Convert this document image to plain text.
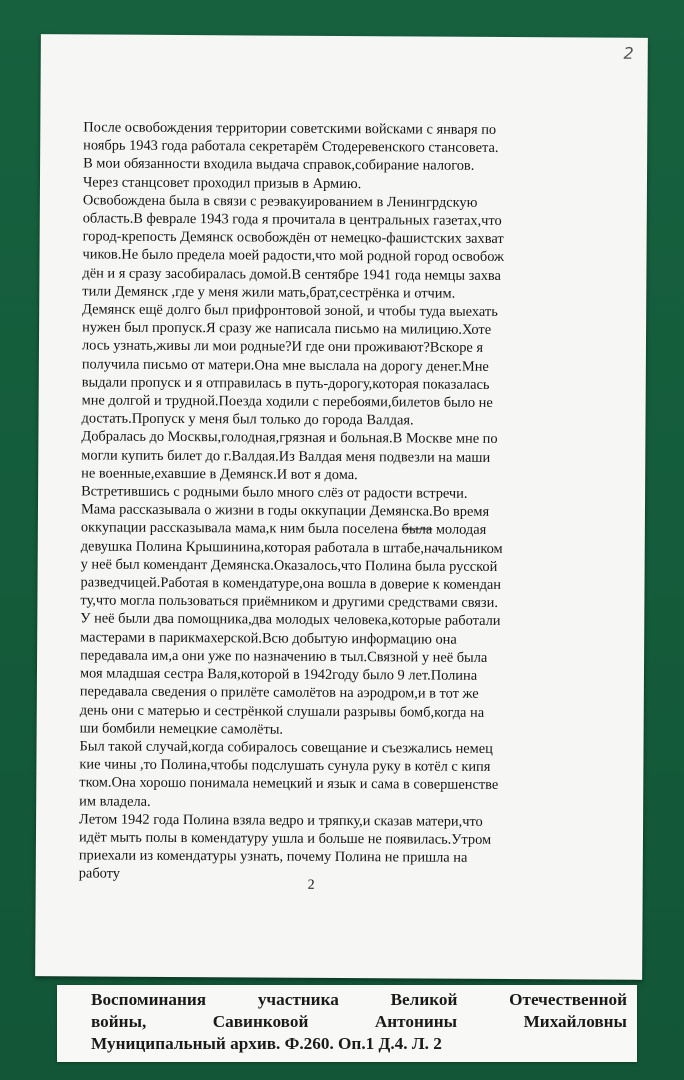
2
После освобождения территории советскими войсками с января по
ноябрь 1943 года работала секретарём Стодеревенского стансовета.
В мои обязанности входила выдача справок,собирание налогов.
Через станцсовет проходил призыв в Армию.
Освобождена была в связи с реэвакуированием в Ленингрдскую
область.В феврале 1943 года я прочитала в центральных газетах,что
город-крепость Демянск освобождён от немецко-фашистских захват
чиков.Не было предела моей радости,что мой родной город освобож
дён и я сразу засобиралась домой.В сентябре 1941 года немцы захва
тили Демянск ,где у меня жили мать,брат,сестрёнка и отчим.
Демянск ещё долго был прифронтовой зоной, и чтобы туда выехать
нужен был пропуск.Я сразу же написала письмо на милицию.Хоте
лось узнать,живы ли мои родные?И где они проживают?Вскоре я
получила письмо от матери.Она мне выслала на дорогу денег.Мне
выдали пропуск и я отправилась в путь-дорогу,которая показалась
мне долгой и трудной.Поезда ходили с перебоями,билетов было не
достать.Пропуск у меня был только до города Валдая.
Добралась до Москвы,голодная,грязная и больная.В Москве мне по
могли купить билет до г.Валдая.Из Валдая меня подвезли на маши
не военные,ехавшие в Демянск.И вот я дома.
Встретившись с родными было много слёз от радости встречи.
Мама рассказывала о жизни в годы оккупации Демянска.Во время
оккупации рассказывала мама,к ним была поселена была молодая
девушка Полина Крышинина,которая работала в штабе,начальником
у неё был комендант Демянска.Оказалось,что Полина была русской
разведчицей.Работая в комендатуре,она вошла в доверие к комендан
ту,что могла пользоваться приёмником и другими средствами связи.
У неё были два помощника,два молодых человека,которые работали
мастерами в парикмахерской.Всю добытую информацию она
передавала им,а они уже по назначению в тыл.Связной у неё была
моя младшая сестра Валя,которой в 1942году было 9 лет.Полина
передавала сведения о прилёте самолётов на аэродром,и в тот же
день они с матерью и сестрёнкой слушали разрывы бомб,когда на
ши бомбили немецкие самолёты.
Был такой случай,когда собиралось совещание и съезжались немец
кие чины ,то Полина,чтобы подслушать сунула руку в котёл с кипя
тком.Она хорошо понимала немецкий и язык и сама в совершенстве
им владела.
Летом 1942 года Полина взяла ведро и тряпку,и сказав матери,что
идёт мыть полы в комендатуру ушла и больше не появилась.Утром
приехали из комендатуры узнать, почему Полина не пришла на
работу
2
Воспоминания	участника	Великой	Отечественной
войны,	Савинковой	Антонины	Михайловны
Муниципальный архив. Ф.260. Оп.1 Д.4. Л. 2
